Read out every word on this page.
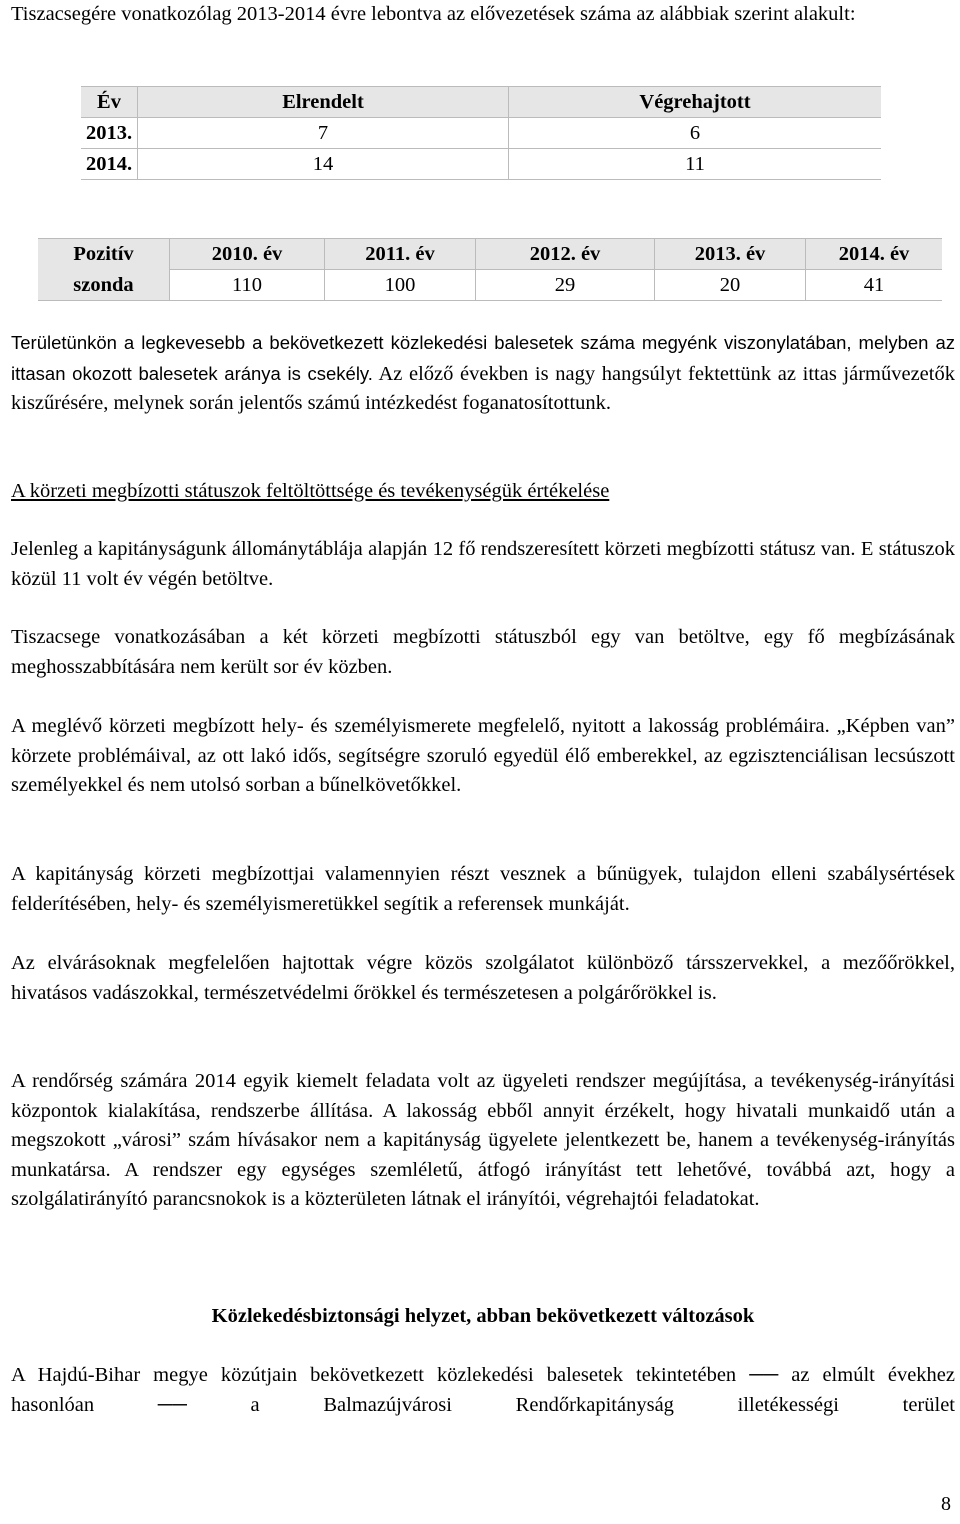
Tiszacsegére vonatkozólag 2013-2014 évre lebontva az elővezetések száma az alábbiak szerint alakult:

Év	Elrendelt	Végrehajtott
2013.	7	6
2014.	14	11
Pozitív	2010. év	2011. év	2012. év	2013. év	2014. év
szonda	110	100	29	20	41

Területünkön a legkevesebb a bekövetkezett közlekedési balesetek száma megyénk viszonylatában, melyben az ittasan okozott balesetek aránya is csekély. Az előző években is nagy hangsúlyt fektettünk az ittas járművezetők kiszűrésére, melynek során jelentős számú intézkedést foganatosítottunk.

A körzeti megbízotti státuszok feltöltöttsége és tevékenységük értékelése

Jelenleg a kapitányságunk állománytáblája alapján 12 fő rendszeresített körzeti megbízotti státusz van. E státuszok közül 11 volt év végén betöltve.

Tiszacsege vonatkozásában a két körzeti megbízotti státuszból egy van betöltve, egy fő megbízásának meghosszabbítására nem került sor év közben.

A meglévő körzeti megbízott hely- és személyismerete megfelelő, nyitott a lakosság problémáira. „Képben van” körzete problémáival, az ott lakó idős, segítségre szoruló egyedül élő emberekkel, az egzisztenciálisan lecsúszott személyekkel és nem utolsó sorban a bűnelkövetőkkel.

A kapitányság körzeti megbízottjai valamennyien részt vesznek a bűnügyek, tulajdon elleni szabálysértések felderítésében, hely- és személyismeretükkel segítik a referensek munkáját.

Az elvárásoknak megfelelően hajtottak végre közös szolgálatot különböző társszervekkel, a mezőőrökkel, hivatásos vadászokkal, természetvédelmi őrökkel és természetesen a polgárőrökkel is.

A rendőrség számára 2014 egyik kiemelt feladata volt az ügyeleti rendszer megújítása, a tevékenység-irányítási központok kialakítása, rendszerbe állítása. A lakosság ebből annyit érzékelt, hogy hivatali munkaidő után a megszokott „városi” szám hívásakor nem a kapitányság ügyelete jelentkezett be, hanem a tevékenység-irányítás munkatársa. A rendszer egy egységes szemléletű, átfogó irányítást tett lehetővé, továbbá azt, hogy a szolgálatirányító parancsnokok is a közterületen látnak el irányítói, végrehajtói feladatokat.

Közlekedésbiztonsági helyzet, abban bekövetkezett változások

A Hajdú-Bihar megye közútjain bekövetkezett közlekedési balesetek tekintetében ── az elmúlt évekhez hasonlóan ── a Balmazújvárosi Rendőrkapitányság illetékességi terület

8
